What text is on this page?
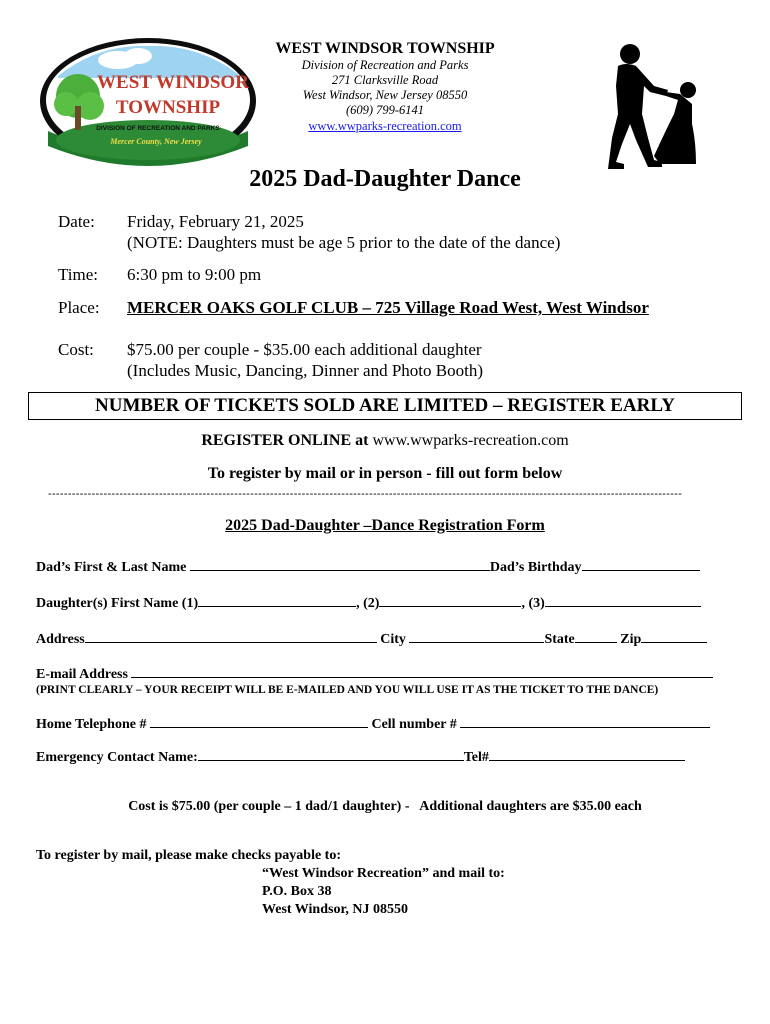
WEST WINDSOR
TOWNSHIP
DIVISION OF RECREATION AND PARKS
Mercer County, New Jersey
WEST WINDSOR TOWNSHIP
Division of Recreation and Parks
271 Clarksville Road
West Windsor, New Jersey 08550
(609) 799-6141
www.wwparks-recreation.com
2025 Dad-Daughter Dance
Date: Friday, February 21, 2025
(NOTE: Daughters must be age 5 prior to the date of the dance)
Time: 6:30 pm to 9:00 pm
Place: MERCER OAKS GOLF CLUB – 725 Village Road West, West Windsor
Cost: $75.00 per couple - $35.00 each additional daughter
(Includes Music, Dancing, Dinner and Photo Booth)
NUMBER OF TICKETS SOLD ARE LIMITED – REGISTER EARLY
REGISTER ONLINE at www.wwparks-recreation.com
To register by mail or in person - fill out form below
----------------------------------------------------------------------------------------------------------------------------------------------------------------
2025 Dad-Daughter –Dance Registration Form
Dad’s First & Last Name	Dad’s Birthday
Daughter(s) First Name (1)	, (2)	, (3)
Address	City	State	Zip
E-mail Address
(PRINT CLEARLY – YOUR RECEIPT WILL BE E-MAILED AND YOU WILL USE IT AS THE TICKET TO THE DANCE)
Home Telephone #	Cell number #
Emergency Contact Name:	Tel#
Cost is $75.00 (per couple – 1 dad/1 daughter) -   Additional daughters are $35.00 each
To register by mail, please make checks payable to:
“West Windsor Recreation” and mail to:
P.O. Box 38
West Windsor, NJ 08550
